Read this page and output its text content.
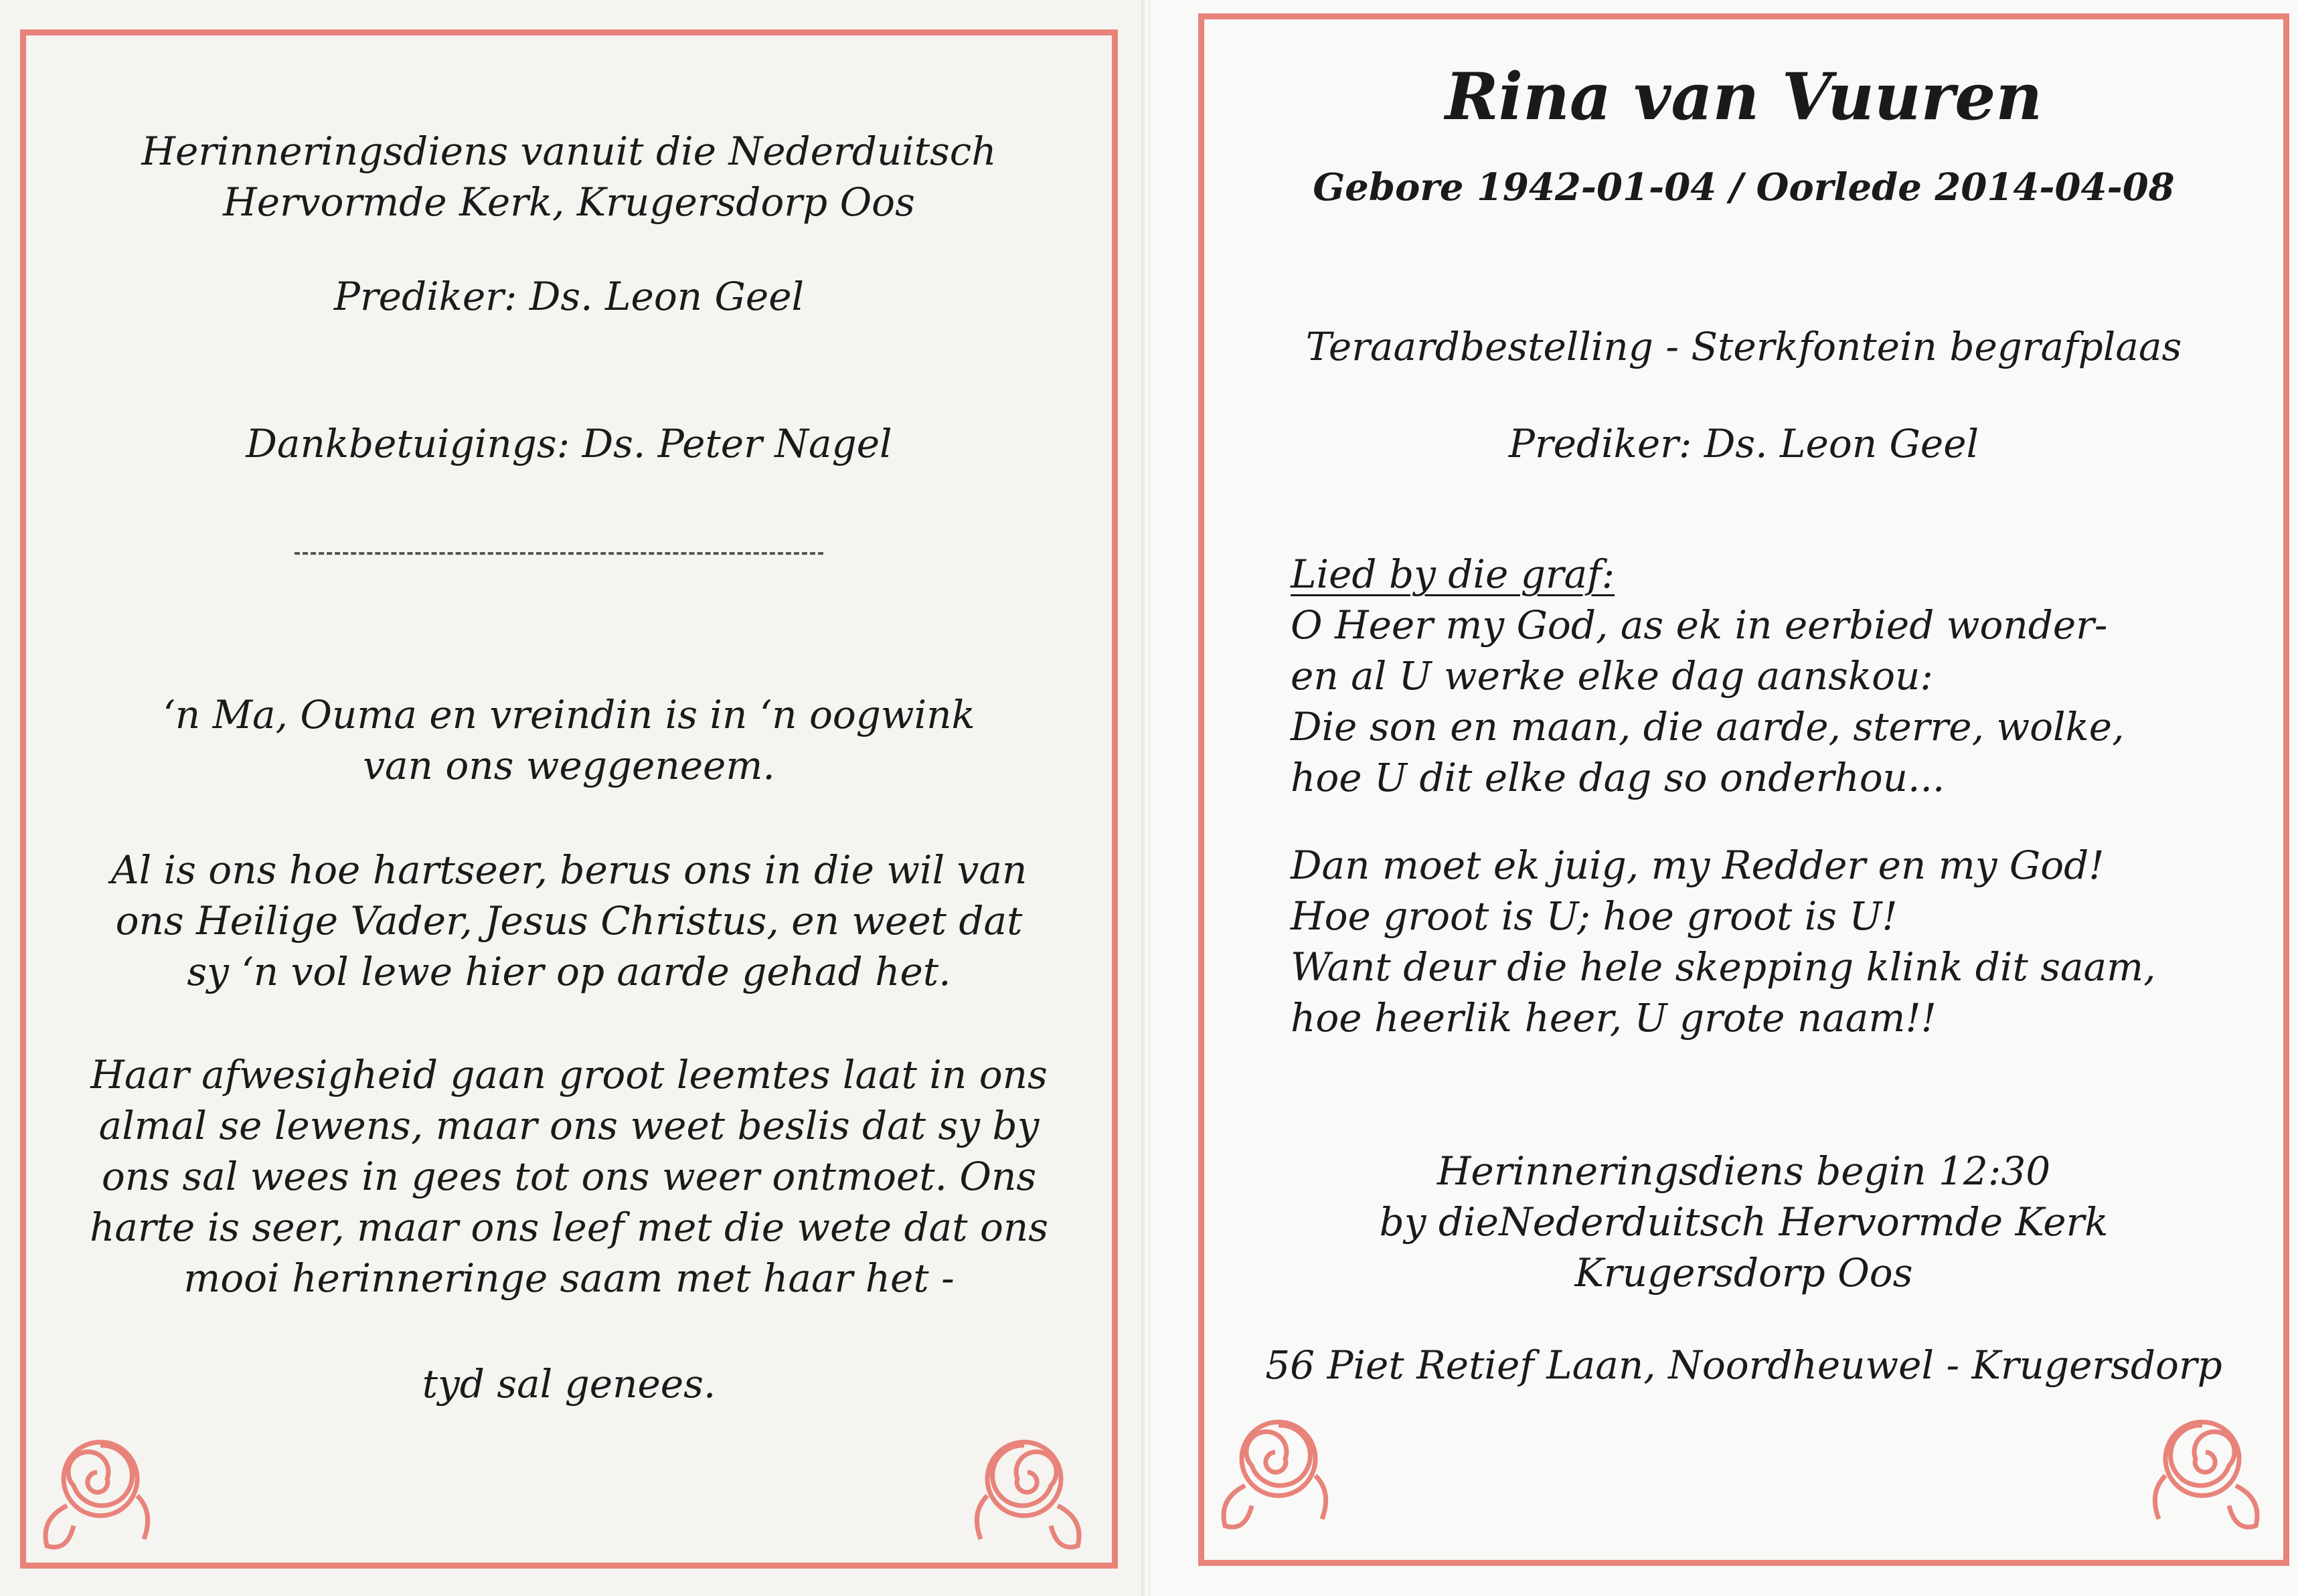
Herinneringsdiens vanuit die Nederduitsch
Hervormde Kerk, Krugersdorp Oos
Prediker: Ds. Leon Geel
Dankbetuigings: Ds. Peter Nagel
‘n Ma, Ouma en vreindin is in ‘n oogwink
van ons weggeneem.
Al is ons hoe hartseer, berus ons in die wil van
ons Heilige Vader, Jesus Christus, en weet dat
sy ‘n vol lewe hier op aarde gehad het.
Haar afwesigheid gaan groot leemtes laat in ons
almal se lewens, maar ons weet beslis dat sy by
ons sal wees in gees tot ons weer ontmoet. Ons
harte is seer, maar ons leef met die wete dat ons
mooi herinneringe saam met haar het -
tyd sal genees.
Rina van Vuuren
Gebore 1942-01-04 / Oorlede 2014-04-08
Teraardbestelling - Sterkfontein begrafplaas
Prediker: Ds. Leon Geel
Lied by die graf:
O Heer my God, as ek in eerbied wonder-
en al U werke elke dag aanskou:
Die son en maan, die aarde, sterre, wolke,
hoe U dit elke dag so onderhou...
Dan moet ek juig, my Redder en my God!
Hoe groot is U; hoe groot is U!
Want deur die hele skepping klink dit saam,
hoe heerlik heer, U grote naam!!
Herinneringsdiens begin 12:30
by dieNederduitsch Hervormde Kerk
Krugersdorp Oos
56 Piet Retief Laan, Noordheuwel - Krugersdorp
